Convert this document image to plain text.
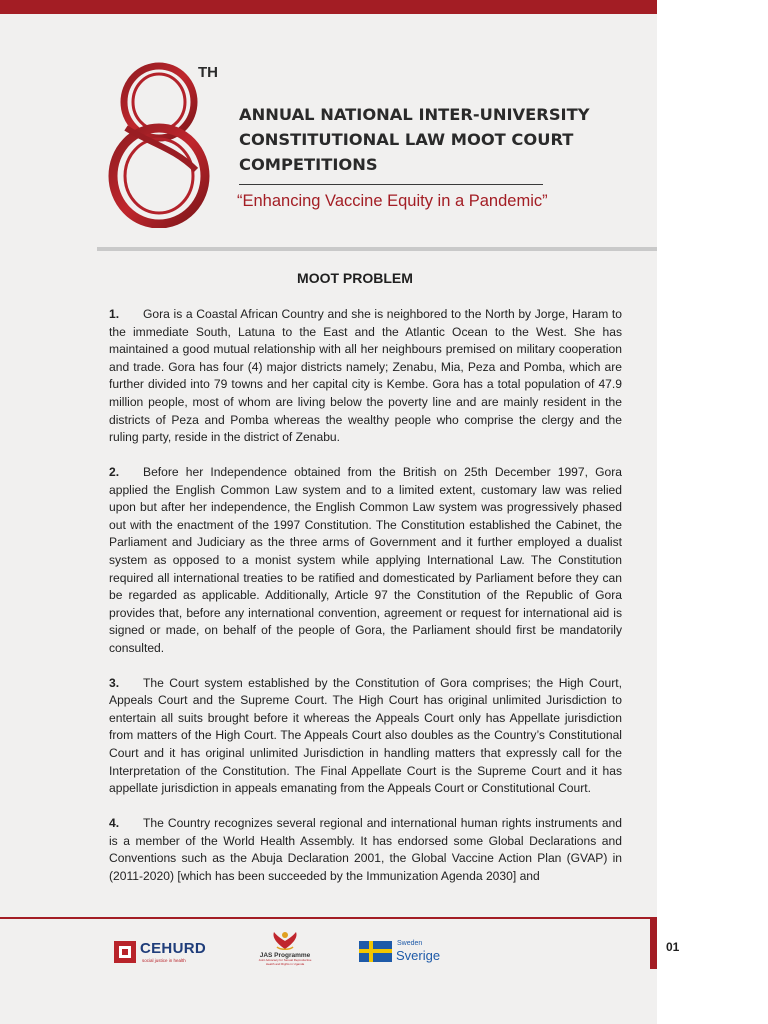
TH
ANNUAL NATIONAL INTER-UNIVERSITY
CONSTITUTIONAL LAW MOOT COURT
COMPETITIONS
“Enhancing Vaccine Equity in a Pandemic”
MOOT PROBLEM

1. Gora is a Coastal African Country and she is neighbored to the North by Jorge, Haram to the immediate South, Latuna to the East and the Atlantic Ocean to the West. She has maintained a good mutual relationship with all her neighbours premised on military cooperation and trade. Gora has four (4) major districts namely; Zenabu, Mia, Peza and Pomba, which are further divided into 79 towns and her capital city is Kembe. Gora has a total population of 47.9 million people, most of whom are living below the poverty line and are mainly resident in the districts of Peza and Pomba whereas the wealthy people who comprise the clergy and the ruling party, reside in the district of Zenabu.

2. Before her Independence obtained from the British on 25th December 1997, Gora applied the English Common Law system and to a limited extent, customary law was relied upon but after her independence, the English Common Law system was progressively phased out with the enactment of the 1997 Constitution. The Constitution established the Cabinet, the Parliament and Judiciary as the three arms of Government and it further employed a dualist system as opposed to a monist system while applying International Law. The Constitution required all international treaties to be ratified and domesticated by Parliament before they can be regarded as applicable. Additionally, Article 97 the Constitution of the Republic of Gora provides that, before any international convention, agreement or request for international aid is signed or made, on behalf of the people of Gora, the Parliament should first be mandatorily consulted.

3. The Court system established by the Constitution of Gora comprises; the High Court, Appeals Court and the Supreme Court. The High Court has original unlimited Jurisdiction to entertain all suits brought before it whereas the Appeals Court only has Appellate jurisdiction from matters of the High Court. The Appeals Court also doubles as the Country’s Constitutional Court and it has original unlimited Jurisdiction in handling matters that expressly call for the Interpretation of the Constitution. The Final Appellate Court is the Supreme Court and it has appellate jurisdiction in appeals emanating from the Appeals Court or Constitutional Court.

4. The Country recognizes several regional and international human rights instruments and is a member of the World Health Assembly. It has endorsed some Global Declarations and Conventions such as the Abuja Declaration 2001, the Global Vaccine Action Plan (GVAP) in (2011-2020) [which has been succeeded by the Immunization Agenda 2030] and

01
CEHURD
social justice in health
JAS Programme
Joint Advocacy for Sexual Reproductive Health and Rights in Uganda
Sweden
Sverige
